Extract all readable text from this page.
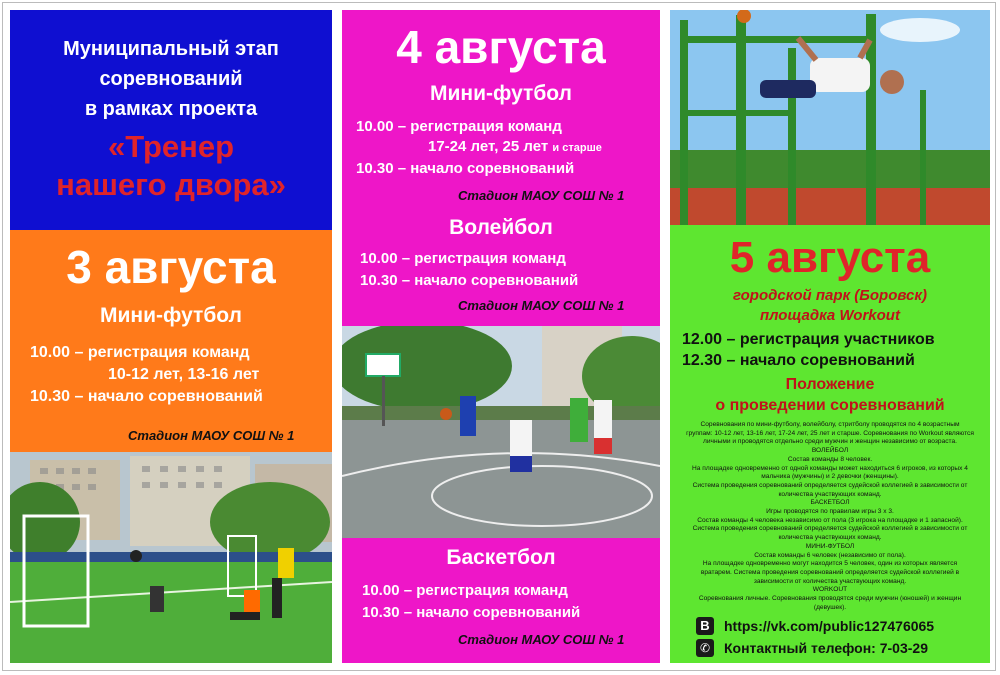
Муниципальный этап
соревнований
в рамках проекта
«Тренер
нашего двора»
3 августа
Мини-футбол
10.00 – регистрация команд
10-12 лет, 13-16 лет
10.30 – начало соревнований
Стадион МАОУ СОШ № 1
4 августа
Мини-футбол
10.00 – регистрация команд
17-24 лет, 25 лет и старше
10.30 – начало соревнований
Стадион МАОУ СОШ № 1
Волейбол
10.00 – регистрация команд
10.30 – начало соревнований
Стадион МАОУ СОШ № 1
Баскетбол
10.00 – регистрация команд
10.30 – начало соревнований
Стадион МАОУ СОШ № 1
5 августа
городской парк (Боровск)
площадка Workout
12.00 – регистрация участников
12.30 – начало соревнований
Положение
о проведении соревнований
Соревнования по мини-футболу, волейболу, стритболу проводятся по 4 возрастным
группам: 10-12 лет, 13-16 лет, 17-24 лет, 25 лет и старше. Соревнования по Workout являются
личными и проводятся отдельно среди мужчин и женщин независимо от возраста.
ВОЛЕЙБОЛ
Состав команды 8 человек.
На площадке одновременно от одной команды может находиться 6 игроков, из которых 4
мальчика (мужчины) и 2 девочки (женщины).
Система проведения соревнований определяется судейской коллегией в зависимости от
количества участвующих команд.
БАСКЕТБОЛ
Игры проводятся по правилам игры 3 х 3.
Состав команды 4 человека независимо от пола (3 игрока на площадке и 1 запасной).
Система проведения соревнований определяется судейской коллегией в зависимости от
количества участвующих команд.
МИНИ-ФУТБОЛ
Состав команды 6 человек (независимо от пола).
На площадке одновременно могут находится 5 человек, один из которых является
вратарем. Система проведения соревнований определяется судейской коллегией в
зависимости от количества участвующих команд.
WORKOUT
Соревнования личные. Соревнования проводятся среди мужчин (юношей) и женщин
(девушек).
В	https://vk.com/public127476065
✆ Контактный телефон: 7-03-29
